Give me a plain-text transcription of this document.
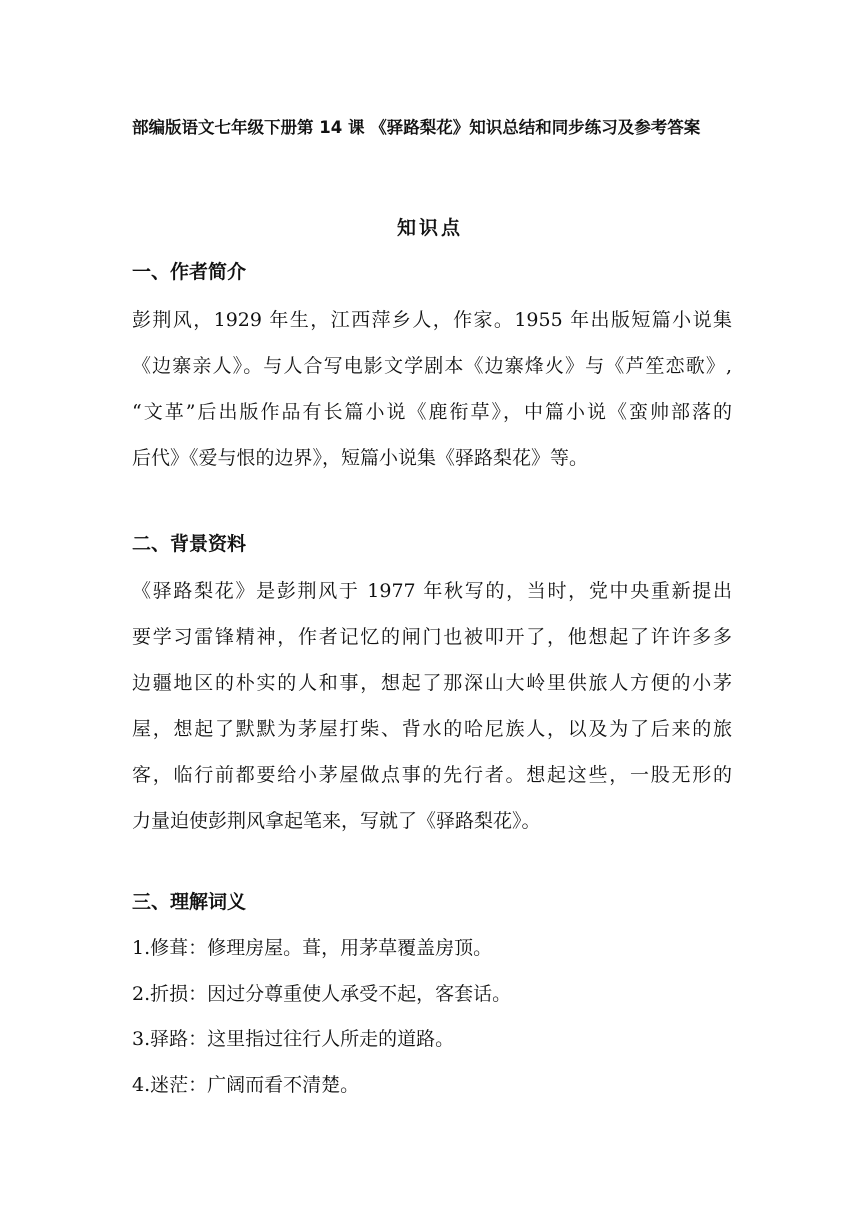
部编版语文七年级下册第 14 课 《驿路梨花》知识总结和同步练习及参考答案
知识点
一、作者简介
彭荆风，1929 年生，江西萍乡人，作家。1955 年出版短篇小说集
《边寨亲人》。与人合写电影文学剧本《边寨烽火》与《芦笙恋歌》,
“文革”后出版作品有长篇小说《鹿衔草》，中篇小说《蛮帅部落的
后代》《爱与恨的边界》，短篇小说集《驿路梨花》等。
二、背景资料
《驿路梨花》是彭荆风于 1977 年秋写的，当时，党中央重新提出
要学习雷锋精神，作者记忆的闸门也被叩开了，他想起了许许多多
边疆地区的朴实的人和事，想起了那深山大岭里供旅人方便的小茅
屋，想起了默默为茅屋打柴、背水的哈尼族人，以及为了后来的旅
客，临行前都要给小茅屋做点事的先行者。想起这些，一股无形的
力量迫使彭荆风拿起笔来，写就了《驿路梨花》。
三、理解词义
1.修葺：修理房屋。葺，用茅草覆盖房顶。
2.折损：因过分尊重使人承受不起，客套话。
3.驿路：这里指过往行人所走的道路。
4.迷茫：广阔而看不清楚。
